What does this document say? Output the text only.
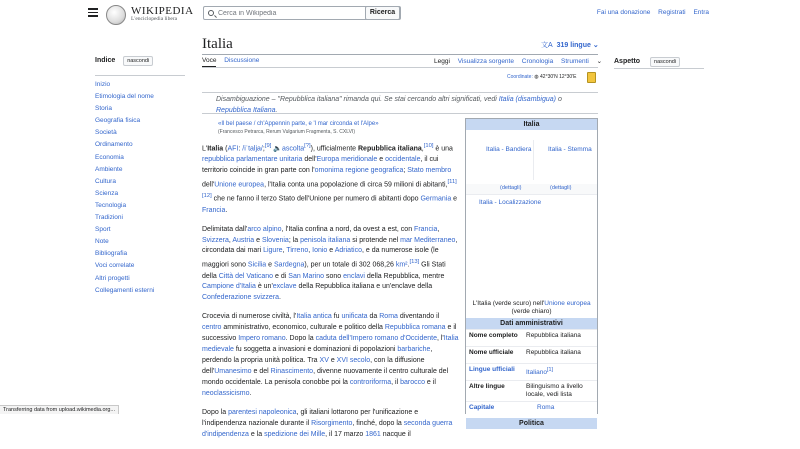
WIKIPEDIA
L'enciclopedia libera
Cerca in Wikipedia
Ricerca	Fai una donazione Registrati Entra
Indice nascondi
Inizio
Etimologia del nome
Storia
Geografia fisica
Società
Ordinamento
Economia
Ambiente
Cultura
Scienza
Tecnologia
Tradizioni
Sport
Note
Bibliografia
Voci correlate
Altri progetti
Collegamenti esterni
Italia	文A 319 lingue ⌄
Voce Discussione	Leggi Visualizza sorgente Cronologia Strumenti ⌄
Coordinate: ◍ 42°30′N 12°30′E

Disambiguazione – "Repubblica italiana" rimanda qui. Se stai cercando altri significati, vedi Italia (disambigua) o Repubblica Italiana.

«Il bel paese / ch'Appennin parte, e 'l mar circonda et l'Alpe»
(Francesco Petrarca, Rerum Vulgarium Fragmenta, S. CXLVI)

L'Italia (AFI: /iˈtalja/;[9] 🔈ascolta[?]), ufficialmente Repubblica italiana,[10] è una repubblica parlamentare unitaria dell'Europa meridionale e occidentale, il cui territorio coincide in gran parte con l'omonima regione geografica; Stato membro dell'Unione europea, l'Italia conta una popolazione di circa 59 milioni di abitanti,[11][12] che ne fanno il terzo Stato dell'Unione per numero di abitanti dopo Germania e Francia.

Delimitata dall'arco alpino, l'Italia confina a nord, da ovest a est, con Francia, Svizzera, Austria e Slovenia; la penisola italiana si protende nel mar Mediterraneo, circondata dai mari Ligure, Tirreno, Ionio e Adriatico, e da numerose isole (le maggiori sono Sicilia e Sardegna), per un totale di 302 068,26 km².[13] Gli Stati della Città del Vaticano e di San Marino sono enclavi della Repubblica, mentre Campione d'Italia è un'exclave della Repubblica italiana e un'enclave della Confederazione svizzera.

Crocevia di numerose civiltà, l'Italia antica fu unificata da Roma diventando il centro amministrativo, economico, culturale e politico della Repubblica romana e il successivo Impero romano. Dopo la caduta dell'Impero romano d'Occidente, l'Italia medievale fu soggetta a invasioni e dominazioni di popolazioni barbariche, perdendo la propria unità politica. Tra XV e XVI secolo, con la diffusione dell'Umanesimo e del Rinascimento, divenne nuovamente il centro culturale del mondo occidentale. La penisola conobbe poi la controriforma, il barocco e il neoclassicismo.

Dopo la parentesi napoleonica, gli italiani lottarono per l'unificazione e l'indipendenza nazionale durante il Risorgimento, finché, dopo la seconda guerra d'indipendenza e la spedizione dei Mille, il 17 marzo 1861 nacque il

Italia
Italia - Bandiera	Italia - Stemma
(dettagli)	(dettagli)
Italia - Localizzazione
L'Italia (verde scuro) nell'Unione europea (verde chiaro)
Dati amministrativi
Nome completo	Repubblica italiana
Nome ufficiale	Repubblica italiana
Lingue ufficiali	Italiano[1]
Altre lingue	Bilinguismo a livello locale, vedi lista
Capitale	Roma
Politica
Aspetto	nascondi
Transferring data from upload.wikimedia.org...
